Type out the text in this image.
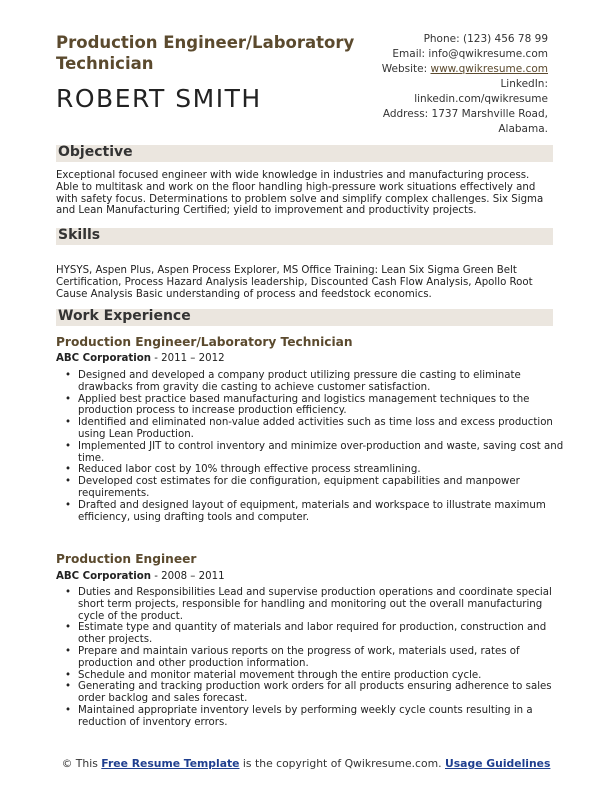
Production Engineer/Laboratory Technician
ROBERT SMITH
Phone: (123) 456 78 99
Email: info@qwikresume.com
Website: www.qwikresume.com
LinkedIn:
linkedin.com/qwikresume
Address: 1737 Marshville Road,
Alabama.
Objective
Exceptional focused engineer with wide knowledge in industries and manufacturing process. Able to multitask and work on the floor handling high-pressure work situations effectively and with safety focus. Determinations to problem solve and simplify complex challenges. Six Sigma and Lean Manufacturing Certified; yield to improvement and productivity projects.
Skills
HYSYS, Aspen Plus, Aspen Process Explorer, MS Office Training: Lean Six Sigma Green Belt Certification, Process Hazard Analysis leadership, Discounted Cash Flow Analysis, Apollo Root Cause Analysis Basic understanding of process and feedstock economics.
Work Experience
Production Engineer/Laboratory Technician
ABC Corporation - 2011 – 2012
• Designed and developed a company product utilizing pressure die casting to eliminate drawbacks from gravity die casting to achieve customer satisfaction.
• Applied best practice based manufacturing and logistics management techniques to the production process to increase production efficiency.
• Identified and eliminated non-value added activities such as time loss and excess production using Lean Production.
• Implemented JIT to control inventory and minimize over-production and waste, saving cost and time.
• Reduced labor cost by 10% through effective process streamlining.
• Developed cost estimates for die configuration, equipment capabilities and manpower requirements.
• Drafted and designed layout of equipment, materials and workspace to illustrate maximum efficiency, using drafting tools and computer.
Production Engineer
ABC Corporation - 2008 – 2011
• Duties and Responsibilities Lead and supervise production operations and coordinate special short term projects, responsible for handling and monitoring out the overall manufacturing cycle of the product.
• Estimate type and quantity of materials and labor required for production, construction and other projects.
• Prepare and maintain various reports on the progress of work, materials used, rates of production and other production information.
• Schedule and monitor material movement through the entire production cycle.
• Generating and tracking production work orders for all products ensuring adherence to sales order backlog and sales forecast.
• Maintained appropriate inventory levels by performing weekly cycle counts resulting in a reduction of inventory errors.
© This Free Resume Template is the copyright of Qwikresume.com. Usage Guidelines
